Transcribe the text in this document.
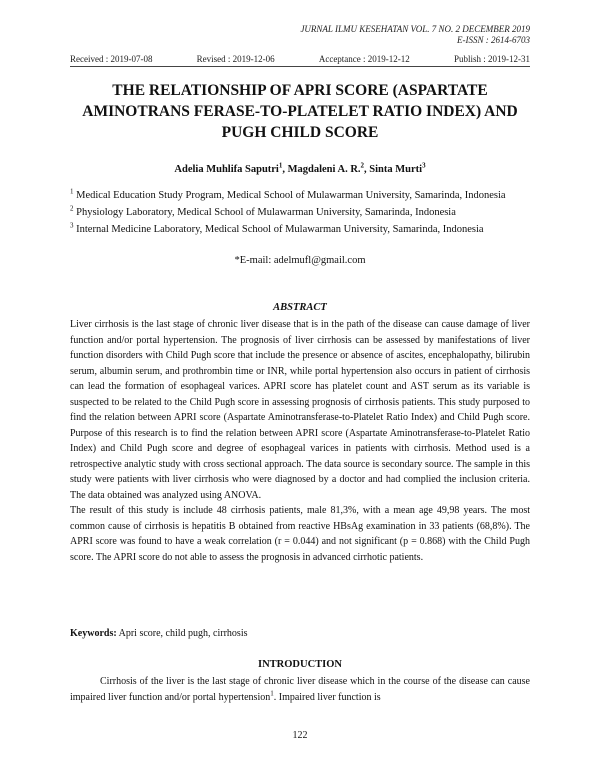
JURNAL ILMU KESEHATAN VOL. 7 NO. 2 DECEMBER 2019
E-ISSN : 2614-6703
Received : 2019-07-08	Revised : 2019-12-06	Acceptance : 2019-12-12	Publish : 2019-12-31
THE RELATIONSHIP OF APRI SCORE (ASPARTATE AMINOTRANS FERASE-TO-PLATELET RATIO INDEX) AND PUGH CHILD SCORE
Adelia Muhlifa Saputri$^1$, Magdaleni A. R.$^2$, Sinta Murti$^3$

$^1$ Medical Education Study Program, Medical School of Mulawarman University, Samarinda, Indonesia

$^2$ Physiology Laboratory, Medical School of Mulawarman University, Samarinda, Indonesia

$^3$ Internal Medicine Laboratory, Medical School of Mulawarman University, Samarinda, Indonesia

*E-mail: adelmufl@gmail.com
ABSTRACT

Liver cirrhosis is the last stage of chronic liver disease that is in the path of the disease can cause damage of liver function and/or portal hypertension. The prognosis of liver cirrhosis can be assessed by manifestations of liver function disorders with Child Pugh score that include the presence or absence of ascites, encephalopathy, bilirubin serum, albumin serum, and prothrombin time or INR, while portal hypertension also occurs in patient of cirrhosis can lead the formation of esophageal varices. APRI score has platelet count and AST serum as its variable is suspected to be related to the Child Pugh score in assessing prognosis of cirrhosis patients. This study purposed to find the relation between APRI score (Aspartate Aminotransferase-to-Platelet Ratio Index) and Child Pugh score. Purpose of this research is to find the relation between APRI score (Aspartate Aminotransferase-to-Platelet Ratio Index) and Child Pugh score and degree of esophageal varices in patients with cirrhosis. Method used is a retrospective analytic study with cross sectional approach. The data source is secondary source. The sample in this study were patients with liver cirrhosis who were diagnosed by a doctor and had complied the inclusion criteria. The data obtained was analyzed using ANOVA.

The result of this study is include 48 cirrhosis patients, male 81,3%, with a mean age 49,98 years. The most common cause of cirrhosis is hepatitis B obtained from reactive HBsAg examination in 33 patients (68,8%). The APRI score was found to have a weak correlation (r = 0.044) and not significant (p = 0.868) with the Child Pugh score. The APRI score do not able to assess the prognosis in advanced cirrhotic patients.

Keywords: Apri score, child pugh, cirrhosis
INTRODUCTION

Cirrhosis of the liver is the last stage of chronic liver disease which in the course of the disease can cause impaired liver function and/or portal hypertension$^1$. Impaired liver function is

122
